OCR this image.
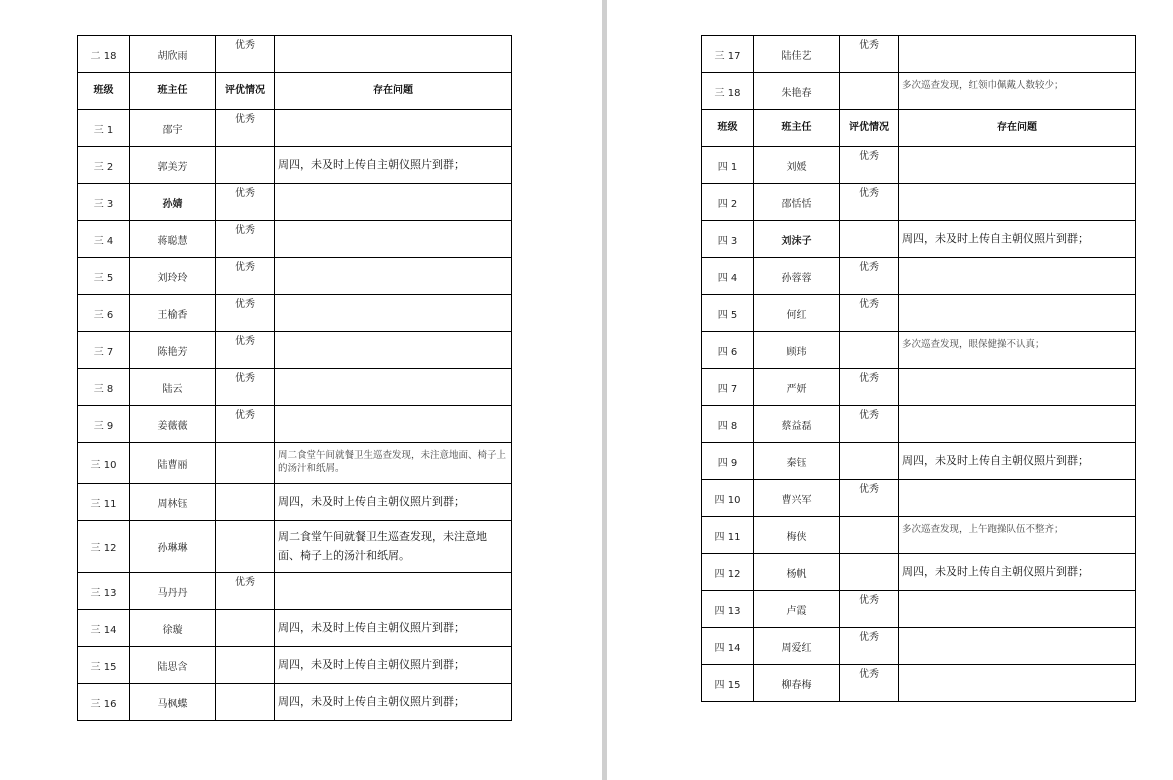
二 18	胡欣雨	优秀	
班级	班主任	评优情况	存在问题
三 1	邵宇	优秀	
三 2	郭美芳		周四，未及时上传自主朝仪照片到群；
三 3	孙婧	优秀	
三 4	蒋聪慧	优秀	
三 5	刘玲玲	优秀	
三 6	王榆香	优秀	
三 7	陈艳芳	优秀	
三 8	陆云	优秀	
三 9	姜薇薇	优秀	
三 10	陆曹丽		周二食堂午间就餐卫生巡查发现，未注意地面、椅子上的汤汁和纸屑。
三 11	周林钰		周四，未及时上传自主朝仪照片到群；
三 12	孙琳琳		周二食堂午间就餐卫生巡查发现，未注意地面、椅子上的汤汁和纸屑。
三 13	马丹丹	优秀	
三 14	徐璇		周四，未及时上传自主朝仪照片到群；
三 15	陆思含		周四，未及时上传自主朝仪照片到群；
三 16	马枫蝶		周四，未及时上传自主朝仪照片到群；
三 17	陆佳艺	优秀	
三 18	朱艳春		多次巡查发现，红领巾佩戴人数较少；
班级	班主任	评优情况	存在问题
四 1	刘媛	优秀	
四 2	邵恬恬	优秀	
四 3	刘沫子		周四，未及时上传自主朝仪照片到群；
四 4	孙蓉蓉	优秀	
四 5	何红	优秀	
四 6	顾玮		多次巡查发现，眼保健操不认真；
四 7	严妍	优秀	
四 8	蔡益磊	优秀	
四 9	秦钰		周四，未及时上传自主朝仪照片到群；
四 10	曹兴军	优秀	
四 11	梅侠		多次巡查发现，上午跑操队伍不整齐；
四 12	杨帆		周四，未及时上传自主朝仪照片到群；
四 13	卢霞	优秀	
四 14	周爱红	优秀	
四 15	柳春梅	优秀	
